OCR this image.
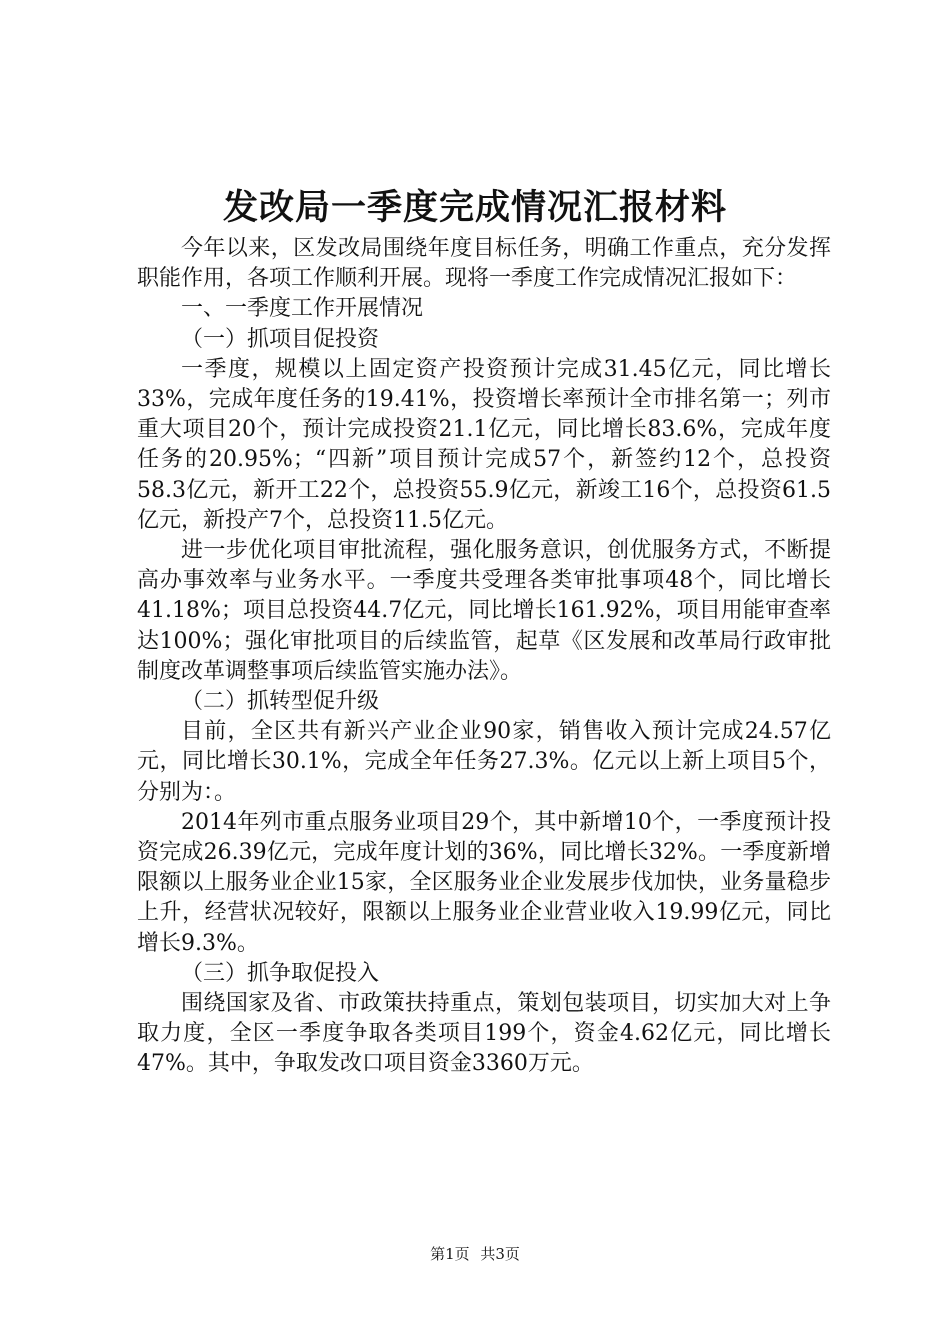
发改局一季度完成情况汇报材料

今年以来，区发改局围绕年度目标任务，明确工作重点，充分发挥职能作用，各项工作顺利开展。现将一季度工作完成情况汇报如下：

一、一季度工作开展情况

（一）抓项目促投资

一季度，规模以上固定资产投资预计完成31.45亿元，同比增长33%，完成年度任务的19.41%，投资增长率预计全市排名第一；列市重大项目20个，预计完成投资21.1亿元，同比增长83.6%，完成年度任务的20.95%；“四新”项目预计完成57个，新签约12个，总投资58.3亿元，新开工22个，总投资55.9亿元，新竣工16个，总投资61.5亿元，新投产7个，总投资11.5亿元。

进一步优化项目审批流程，强化服务意识，创优服务方式，不断提高办事效率与业务水平。一季度共受理各类审批事项48个，同比增长41.18%；项目总投资44.7亿元，同比增长161.92%，项目用能审查率达100%；强化审批项目的后续监管，起草《区发展和改革局行政审批制度改革调整事项后续监管实施办法》。

（二）抓转型促升级

目前，全区共有新兴产业企业90家，销售收入预计完成24.57亿元，同比增长30.1%，完成全年任务27.3%。亿元以上新上项目5个，分别为：。

2014年列市重点服务业项目29个，其中新增10个，一季度预计投资完成26.39亿元，完成年度计划的36%，同比增长32%。一季度新增限额以上服务业企业15家，全区服务业企业发展步伐加快，业务量稳步上升，经营状况较好，限额以上服务业企业营业收入19.99亿元，同比增长9.3%。

（三）抓争取促投入

围绕国家及省、市政策扶持重点，策划包装项目，切实加大对上争取力度，全区一季度争取各类项目199个，资金4.62亿元，同比增长47%。其中，争取发改口项目资金3360万元。

第1页 共3页
